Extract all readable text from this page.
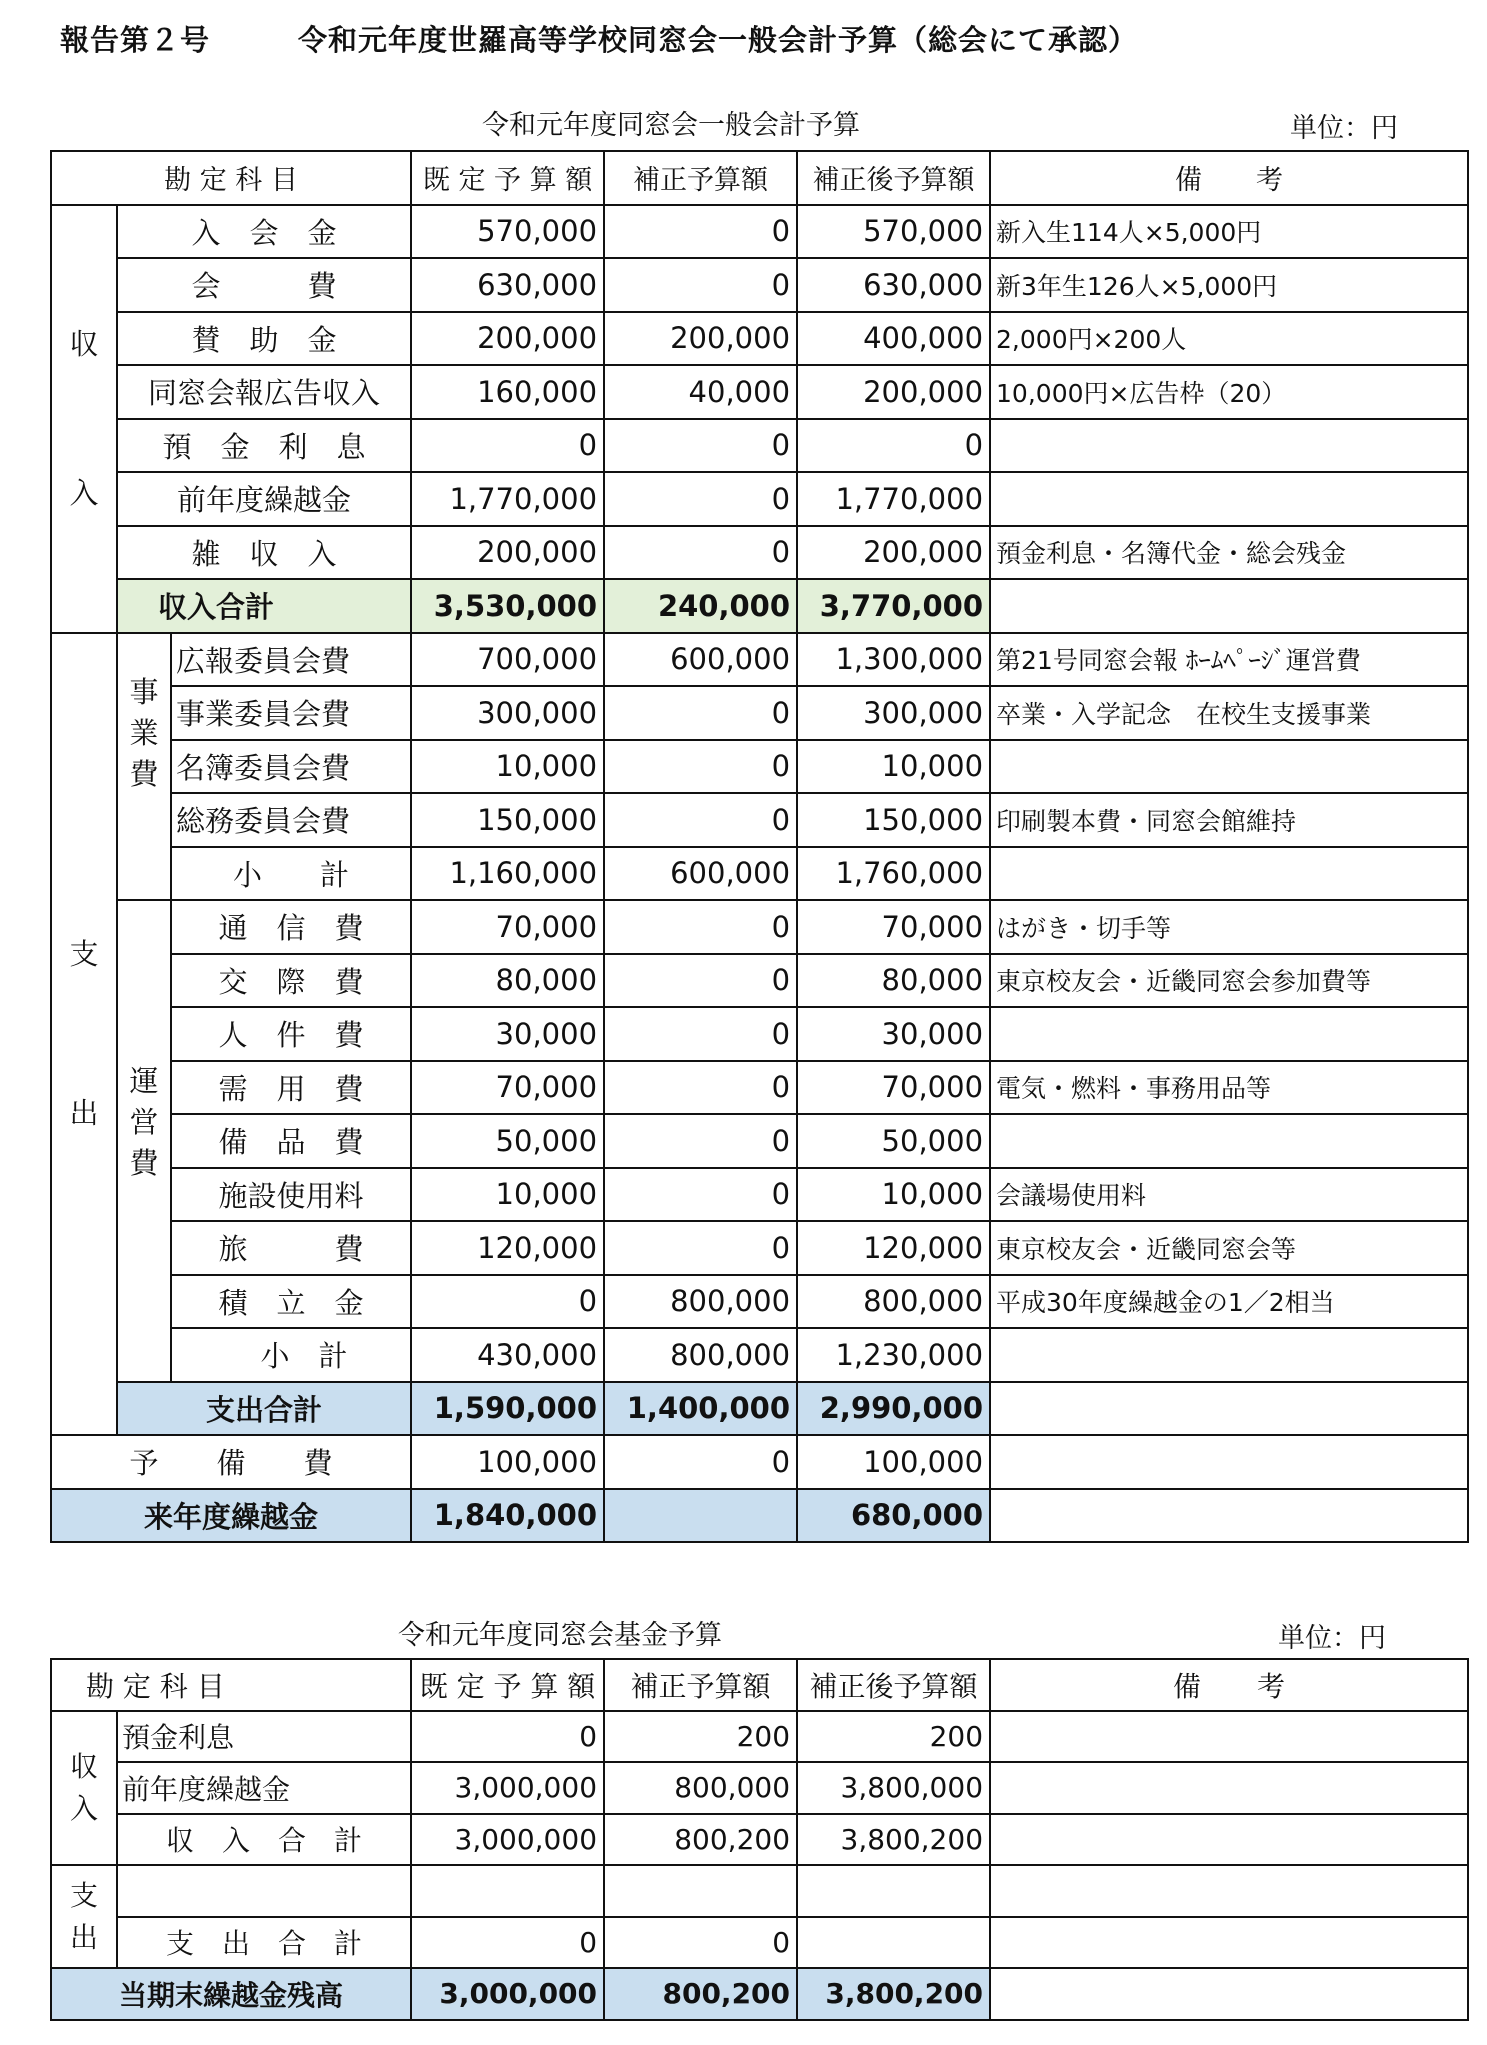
報告第２号	令和元年度世羅高等学校同窓会一般会計予算（総会にて承認）
令和元年度同窓会一般会計予算	単位：円
勘 定 科 目			既 定 予 算 額	補正予算額	補正後予算額	備　　考

収
入	入　会　金		570,000	0	570,000	新入生114人×5,000円
	会　　　費		630,000	0	630,000	新3年生126人×5,000円
	賛　助　金		200,000	200,000	400,000	2,000円×200人
	同窓会報広告収入		160,000	40,000	200,000	10,000円×広告枠（20）
	預　金　利　息		0	0	0	
	前年度繰越金		1,770,000	0	1,770,000	
	雑　収　入		200,000	0	200,000	預金利息・名簿代金・総会残金
	収入合計		3,530,000	240,000	3,770,000	

支
出	事
業
費	広報委員会費	700,000	600,000	1,300,000	第21号同窓会報 ﾎｰﾑﾍﾟｰｼﾞ運営費
		事業委員会費	300,000	0	300,000	卒業・入学記念　在校生支援事業
		名簿委員会費	10,000	0	10,000	
		総務委員会費	150,000	0	150,000	印刷製本費・同窓会館維持
		小　　計	1,160,000	600,000	1,760,000	

	運
営
費	通　信　費	70,000	0	70,000	はがき・切手等
		交　際　費	80,000	0	80,000	東京校友会・近畿同窓会参加費等
		人　件　費	30,000	0	30,000	
		需　用　費	70,000	0	70,000	電気・燃料・事務用品等
		備　品　費	50,000	0	50,000	
		施設使用料	10,000	0	10,000	会議場使用料
		旅　　　費	120,000	0	120,000	東京校友会・近畿同窓会等
		積　立　金	0	800,000	800,000	平成30年度繰越金の1／2相当
		小　計	430,000	800,000	1,230,000	
	支出合計		1,590,000	1,400,000	2,990,000	
予　　備　　費			100,000	0	100,000	
来年度繰越金			1,840,000		680,000	
令和元年度同窓会基金予算	単位：円
勘 定 科 目		既 定 予 算 額	補正予算額	補正後予算額	備　　考

収
入	預金利息	0	200	200	
	前年度繰越金	3,000,000	800,000	3,800,000	
	収　入　合　計	3,000,000	800,200	3,800,200	

支
出					

	支　出　合　計	0	0		
当期末繰越金残高		3,000,000	800,200	3,800,200	
